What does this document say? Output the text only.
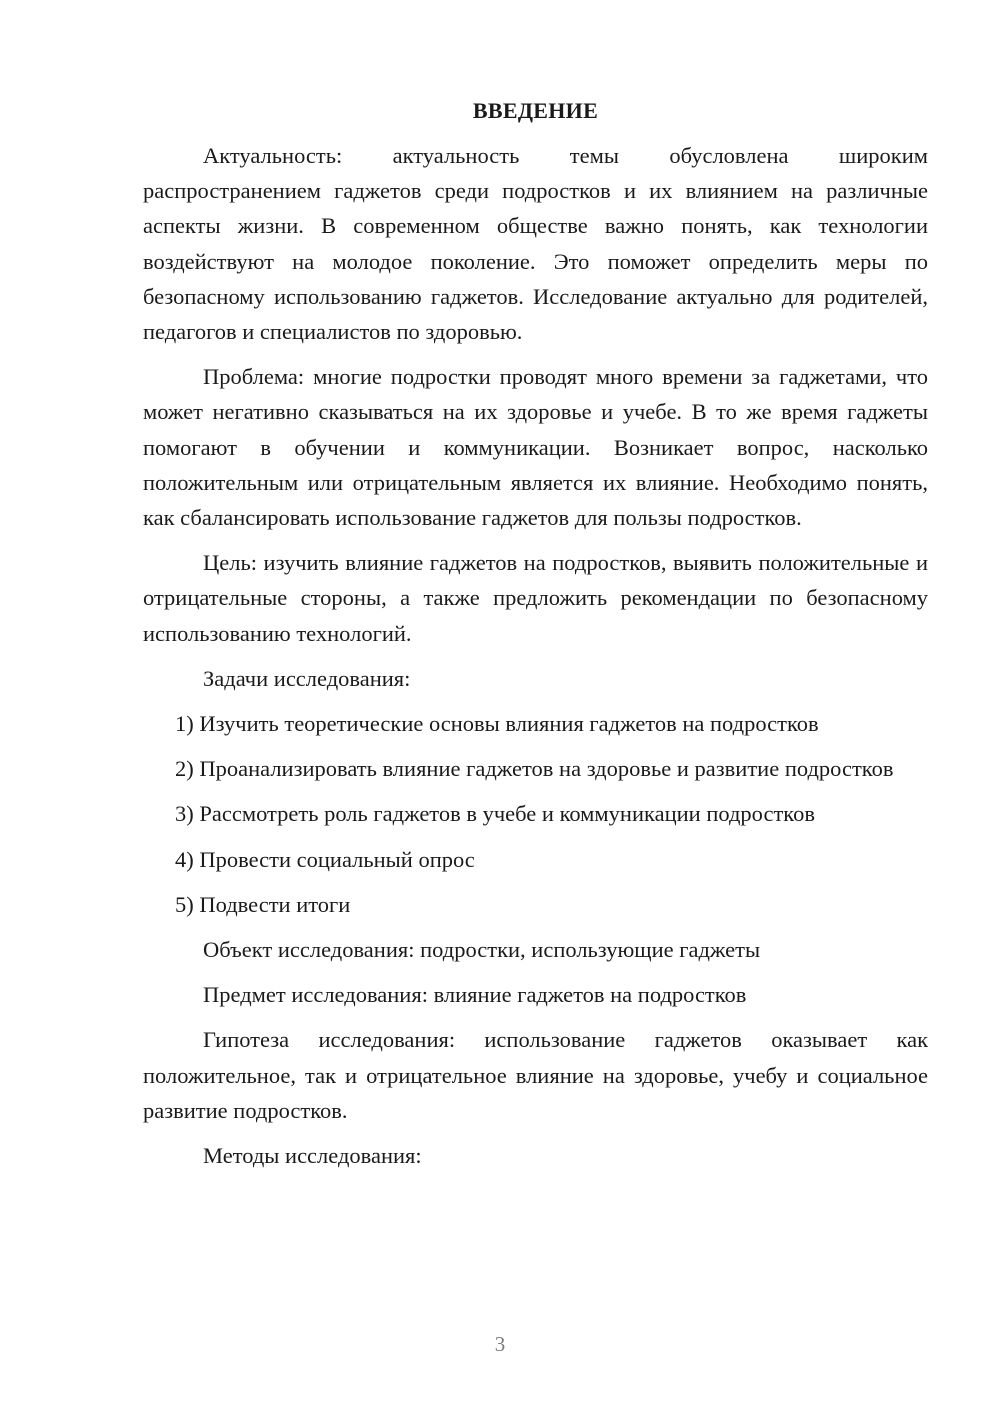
ВВЕДЕНИЕ

Актуальность: актуальность темы обусловлена широким распространением гаджетов среди подростков и их влиянием на различные аспекты жизни. В современном обществе важно понять, как технологии воздействуют на молодое поколение. Это поможет определить меры по безопасному использованию гаджетов. Исследование актуально для родителей, педагогов и специалистов по здоровью.

Проблема: многие подростки проводят много времени за гаджетами, что может негативно сказываться на их здоровье и учебе. В то же время гаджеты помогают в обучении и коммуникации. Возникает вопрос, насколько положительным или отрицательным является их влияние. Необходимо понять, как сбалансировать использование гаджетов для пользы подростков.

Цель: изучить влияние гаджетов на подростков, выявить положительные и отрицательные стороны, а также предложить рекомендации по безопасному использованию технологий.

Задачи исследования:

1) Изучить теоретические основы влияния гаджетов на подростков

2) Проанализировать влияние гаджетов на здоровье и развитие подростков

3) Рассмотреть роль гаджетов в учебе и коммуникации подростков

4) Провести социальный опрос

5) Подвести итоги

Объект исследования: подростки, использующие гаджеты

Предмет исследования: влияние гаджетов на подростков

Гипотеза исследования: использование гаджетов оказывает как положительное, так и отрицательное влияние на здоровье, учебу и социальное развитие подростков.

Методы исследования:

3
